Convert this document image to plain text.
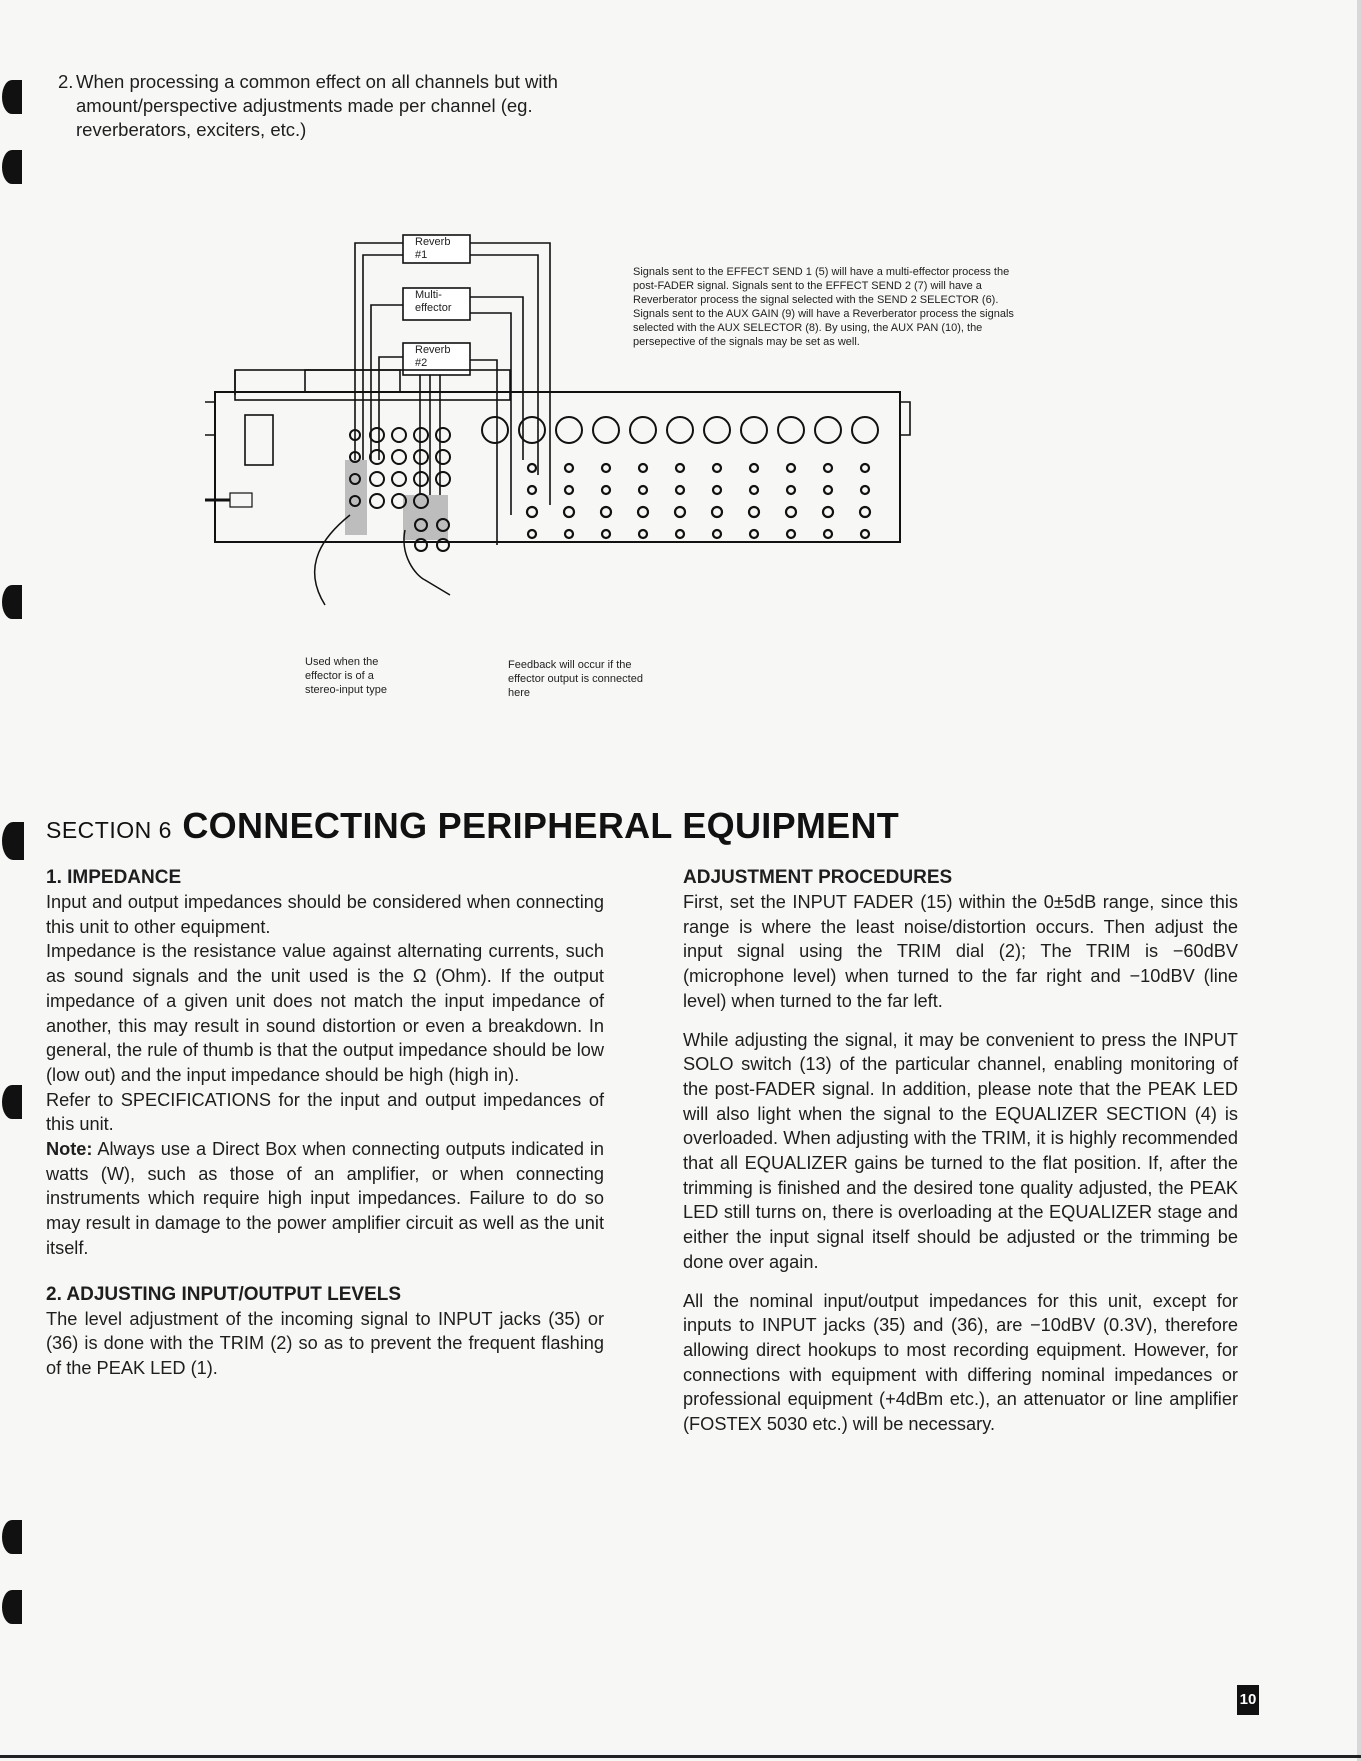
2. When processing a common effect on all channels but with amount/perspective adjustments made per channel (eg. reverberators, exciters, etc.)
Reverb #1
Multi-effector
Reverb #2
Signals sent to the EFFECT SEND 1 (5) will have a multi-effector process the post-FADER signal. Signals sent to the EFFECT SEND 2 (7) will have a Reverberator process the signal selected with the SEND 2 SELECTOR (6). Signals sent to the AUX GAIN (9) will have a Reverberator process the signals selected with the AUX SELECTOR (8). By using, the AUX PAN (10), the persepective of the signals may be set as well.
Used when the effector is of a stereo-input type
Feedback will occur if the effector output is connected here
SECTION 6 CONNECTING PERIPHERAL EQUIPMENT
1. IMPEDANCE

Input and output impedances should be considered when connecting this unit to other equipment.

Impedance is the resistance value against alternating currents, such as sound signals and the unit used is the Ω (Ohm). If the output impedance of a given unit does not match the input impedance of another, this may result in sound distortion or even a breakdown. In general, the rule of thumb is that the output impedance should be low (low out) and the input impedance should be high (high in).

Refer to SPECIFICATIONS for the input and output impedances of this unit.

Note: Always use a Direct Box when connecting outputs indicated in watts (W), such as those of an amplifier, or when connecting instruments which require high input impedances. Failure to do so may result in damage to the power amplifier circuit as well as the unit itself.

2. ADJUSTING INPUT/OUTPUT LEVELS

The level adjustment of the incoming signal to INPUT jacks (35) or (36) is done with the TRIM (2) so as to prevent the frequent flashing of the PEAK LED (1).

ADJUSTMENT PROCEDURES

First, set the INPUT FADER (15) within the 0±5dB range, since this range is where the least noise/distortion occurs. Then adjust the input signal using the TRIM dial (2); The TRIM is −60dBV (microphone level) when turned to the far right and −10dBV (line level) when turned to the far left.

While adjusting the signal, it may be convenient to press the INPUT SOLO switch (13) of the particular channel, enabling monitoring of the post-FADER signal. In addition, please note that the PEAK LED will also light when the signal to the EQUALIZER SECTION (4) is overloaded. When adjusting with the TRIM, it is highly recommended that all EQUALIZER gains be turned to the flat position. If, after the trimming is finished and the desired tone quality adjusted, the PEAK LED still turns on, there is overloading at the EQUALIZER stage and either the input signal itself should be adjusted or the trimming be done over again.

All the nominal input/output impedances for this unit, except for inputs to INPUT jacks (35) and (36), are −10dBV (0.3V), therefore allowing direct hookups to most recording equipment. However, for connections with equipment with differing nominal impedances or professional equipment (+4dBm etc.), an attenuator or line amplifier (FOSTEX 5030 etc.) will be necessary.

10
